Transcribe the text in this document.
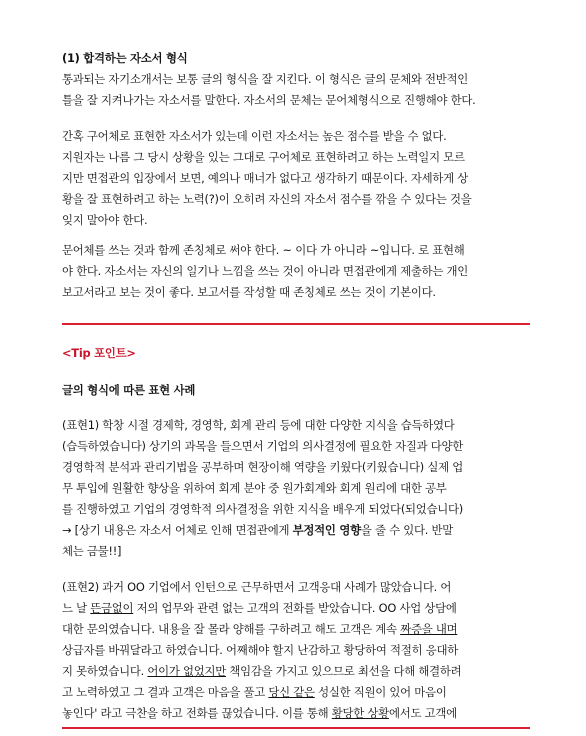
(1) 합격하는 자소서 형식
통과되는 자기소개서는 보통 글의 형식을 잘 지킨다. 이 형식은 글의 문체와 전반적인
틀을 잘 지켜나가는 자소서를 말한다. 자소서의 문체는 문어체형식으로 진행해야 한다.
간혹 구어체로 표현한 자소서가 있는데 이런 자소서는 높은 점수를 받을 수 없다.
지원자는 나름 그 당시 상황을 있는 그대로 구어체로 표현하려고 하는 노력일지 모르
지만 면접관의 입장에서 보면, 예의나 매너가 없다고 생각하기 때문이다. 자세하게 상
황을 잘 표현하려고 하는 노력(?)이 오히려 자신의 자소서 점수를 깎을 수 있다는 것을
잊지 말아야 한다.
문어체를 쓰는 것과 함께 존칭체로 써야 한다. ~ 이다 가 아니라 ~입니다. 로 표현해
야 한다. 자소서는 자신의 일기나 느낌을 쓰는 것이 아니라 면접관에게 제출하는 개인
보고서라고 보는 것이 좋다. 보고서를 작성할 때 존칭체로 쓰는 것이 기본이다.
<Tip 포인트>
글의 형식에 따른 표현 사례
(표현1) 학창 시절 경제학, 경영학, 회계 관리 등에 대한 다양한 지식을 습득하였다
(습득하였습니다) 상기의 과목을 들으면서 기업의 의사결정에 필요한 자질과 다양한
경영학적 분석과 관리기법을 공부하며 현장이해 역량을 키웠다(키웠습니다) 실제 업
무 투입에 원활한 향상을 위하여 회계 분야 중 원가회계와 회계 원리에 대한 공부
를 진행하였고 기업의 경영학적 의사결정을 위한 지식을 배우게 되었다(되었습니다)
→ [상기 내용은 자소서 어체로 인해 면접관에게 부정적인 영향을 줄 수 있다. 반말
체는 금물!!]
(표현2) 과거 OO 기업에서 인턴으로 근무하면서 고객응대 사례가 많았습니다. 어
느 날 뜬금없이 저의 업무와 관련 없는 고객의 전화를 받았습니다. OO 사업 상담에
대한 문의였습니다. 내용을 잘 몰라 양해를 구하려고 해도 고객은 계속 짜증을 내며
상급자를 바꿔달라고 하였습니다. 어째해야 할지 난감하고 황당하여 적절히 응대하
지 못하였습니다. 어이가 없었지만 책임감을 가지고 있으므로 최선을 다해 해결하려
고 노력하였고 그 결과 고객은 마음을 풀고 당신 같은 성실한 직원이 있어 마음이
놓인다' 라고 극찬을 하고 전화를 끊었습니다. 이를 통해 황당한 상황에서도 고객에
